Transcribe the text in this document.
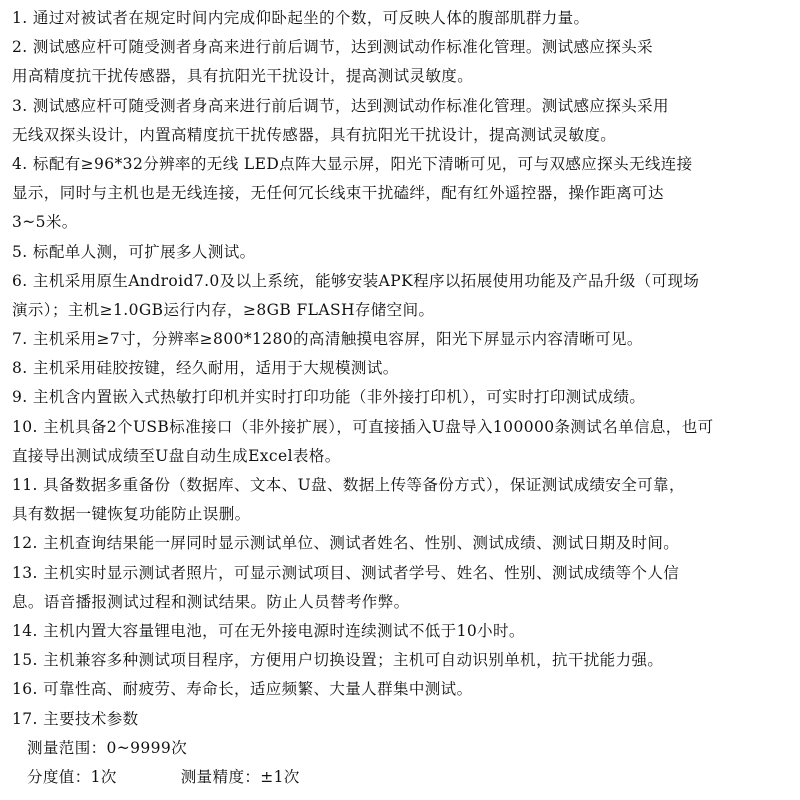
1. 通过对被试者在规定时间内完成仰卧起坐的个数，可反映人体的腹部肌群力量。
2. 测试感应杆可随受测者身高来进行前后调节，达到测试动作标准化管理。测试感应探头采
用高精度抗干扰传感器，具有抗阳光干扰设计，提高测试灵敏度。
3. 测试感应杆可随受测者身高来进行前后调节，达到测试动作标准化管理。测试感应探头采用
无线双探头设计，内置高精度抗干扰传感器，具有抗阳光干扰设计，提高测试灵敏度。
4. 标配有≥96*32分辨率的无线 LED点阵大显示屏，阳光下清晰可见，可与双感应探头无线连接
显示，同时与主机也是无线连接，无任何冗长线束干扰磕绊，配有红外遥控器，操作距离可达
3~5米。
5. 标配单人测，可扩展多人测试。
6. 主机采用原生Android7.0及以上系统，能够安装APK程序以拓展使用功能及产品升级（可现场
演示）；主机≥1.0GB运行内存，≥8GB FLASH存储空间。
7. 主机采用≥7寸，分辨率≥800*1280的高清触摸电容屏，阳光下屏显示内容清晰可见。
8. 主机采用硅胶按键，经久耐用，适用于大规模测试。
9. 主机含内置嵌入式热敏打印机并实时打印功能（非外接打印机），可实时打印测试成绩。
10. 主机具备2个USB标准接口（非外接扩展），可直接插入U盘导入100000条测试名单信息，也可
直接导出测试成绩至U盘自动生成Excel表格。
11. 具备数据多重备份（数据库、文本、U盘、数据上传等备份方式），保证测试成绩安全可靠，
具有数据一键恢复功能防止误删。
12. 主机查询结果能一屏同时显示测试单位、测试者姓名、性别、测试成绩、测试日期及时间。
13. 主机实时显示测试者照片，可显示测试项目、测试者学号、姓名、性别、测试成绩等个人信
息。语音播报测试过程和测试结果。防止人员替考作弊。
14. 主机内置大容量锂电池，可在无外接电源时连续测试不低于10小时。
15. 主机兼容多种测试项目程序，方便用户切换设置；主机可自动识别单机，抗干扰能力强。
16. 可靠性高、耐疲劳、寿命长，适应频繁、大量人群集中测试。
17. 主要技术参数
测量范围：0~9999次
分度值：1次	测量精度：±1次
